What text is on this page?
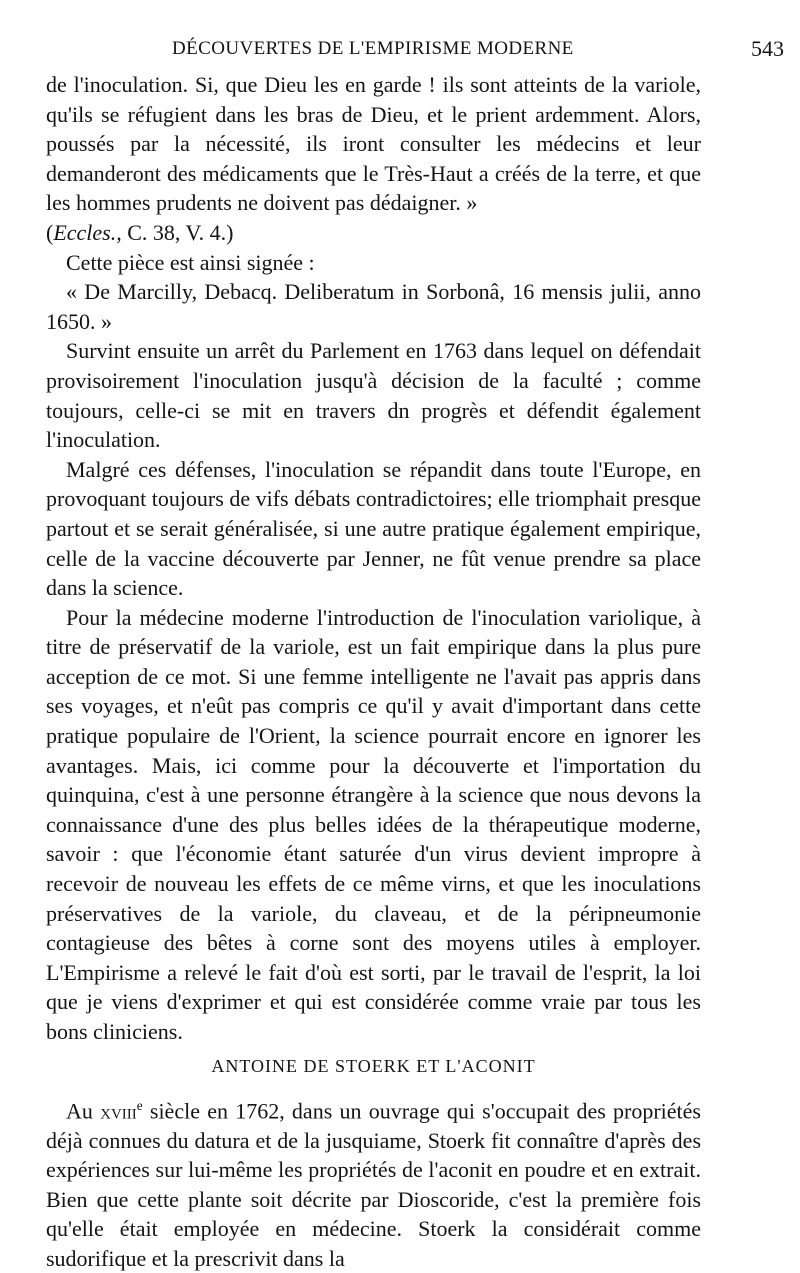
DÉCOUVERTES DE L'EMPIRISME MODERNE	543

de l'inoculation. Si, que Dieu les en garde ! ils sont atteints de la variole, qu'ils se réfugient dans les bras de Dieu, et le prient ardemment. Alors, poussés par la nécessité, ils iront consulter les médecins et leur demanderont des médicaments que le Très-Haut a créés de la terre, et que les hommes prudents ne doivent pas dédaigner. »

(Eccles., C. 38, V. 4.)

Cette pièce est ainsi signée :

« De Marcilly, Debacq. Deliberatum in Sorbonâ, 16 mensis julii, anno 1650. »

Survint ensuite un arrêt du Parlement en 1763 dans lequel on défendait provisoirement l'inoculation jusqu'à décision de la faculté ; comme toujours, celle-ci se mit en travers dn progrès et défendit également l'inoculation.

Malgré ces défenses, l'inoculation se répandit dans toute l'Europe, en provoquant toujours de vifs débats contradictoires; elle triomphait presque partout et se serait généralisée, si une autre pratique également empirique, celle de la vaccine découverte par Jenner, ne fût venue prendre sa place dans la science.

Pour la médecine moderne l'introduction de l'inoculation variolique, à titre de préservatif de la variole, est un fait empirique dans la plus pure acception de ce mot. Si une femme intelligente ne l'avait pas appris dans ses voyages, et n'eût pas compris ce qu'il y avait d'important dans cette pratique populaire de l'Orient, la science pourrait encore en ignorer les avantages. Mais, ici comme pour la découverte et l'importation du quinquina, c'est à une personne étrangère à la science que nous devons la connaissance d'une des plus belles idées de la thérapeutique moderne, savoir : que l'économie étant saturée d'un virus devient impropre à recevoir de nouveau les effets de ce même virns, et que les inoculations préservatives de la variole, du claveau, et de la péripneumonie contagieuse des bêtes à corne sont des moyens utiles à employer. L'Empirisme a relevé le fait d'où est sorti, par le travail de l'esprit, la loi que je viens d'exprimer et qui est considérée comme vraie par tous les bons cliniciens.

ANTOINE DE STOERK ET L'ACONIT

Au xviii$^e$ siècle en 1762, dans un ouvrage qui s'occupait des propriétés déjà connues du datura et de la jusquiame, Stoerk fit connaître d'après des expériences sur lui-même les propriétés de l'aconit en poudre et en extrait. Bien que cette plante soit décrite par Dioscoride, c'est la première fois qu'elle était employée en médecine. Stoerk la considérait comme sudorifique et la prescrivit dans la
